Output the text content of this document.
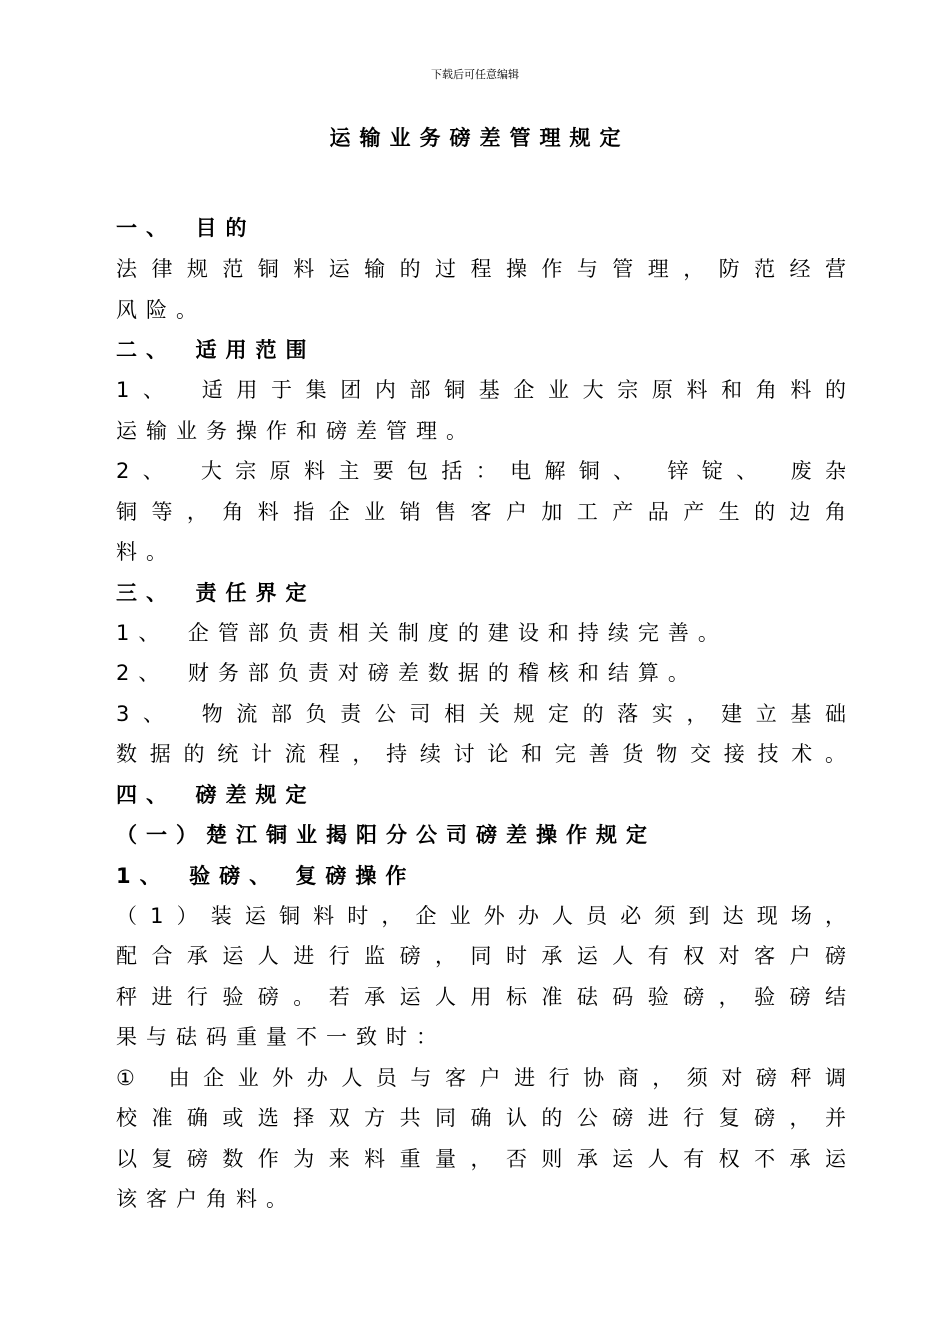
下载后可任意编辑
运输业务磅差管理规定
一、　目的
法律规范铜料运输的过程操作与管理，防范经营
风险。
二、　适用范围
1、　适用于集团内部铜基企业大宗原料和角料的
运输业务操作和磅差管理。
2、　大宗原料主要包括：电解铜、 锌锭、 废杂
铜等，角料指企业销售客户加工产品产生的边角
料。
三、　责任界定
1、　企管部负责相关制度的建设和持续完善。
2、　财务部负责对磅差数据的稽核和结算。
3、　物流部负责公司相关规定的落实，建立基础
数据的统计流程，持续讨论和完善货物交接技术。
四、　磅差规定
（一）楚江铜业揭阳分公司磅差操作规定
1、　验磅、 复磅操作
（1）装运铜料时，企业外办人员必须到达现场，
配合承运人进行监磅，同时承运人有权对客户磅
秤进行验磅。若承运人用标准砝码验磅，验磅结
果与砝码重量不一致时：
① 由企业外办人员与客户进行协商，须对磅秤调
校准确或选择双方共同确认的公磅进行复磅，并
以复磅数作为来料重量，否则承运人有权不承运
该客户角料。
